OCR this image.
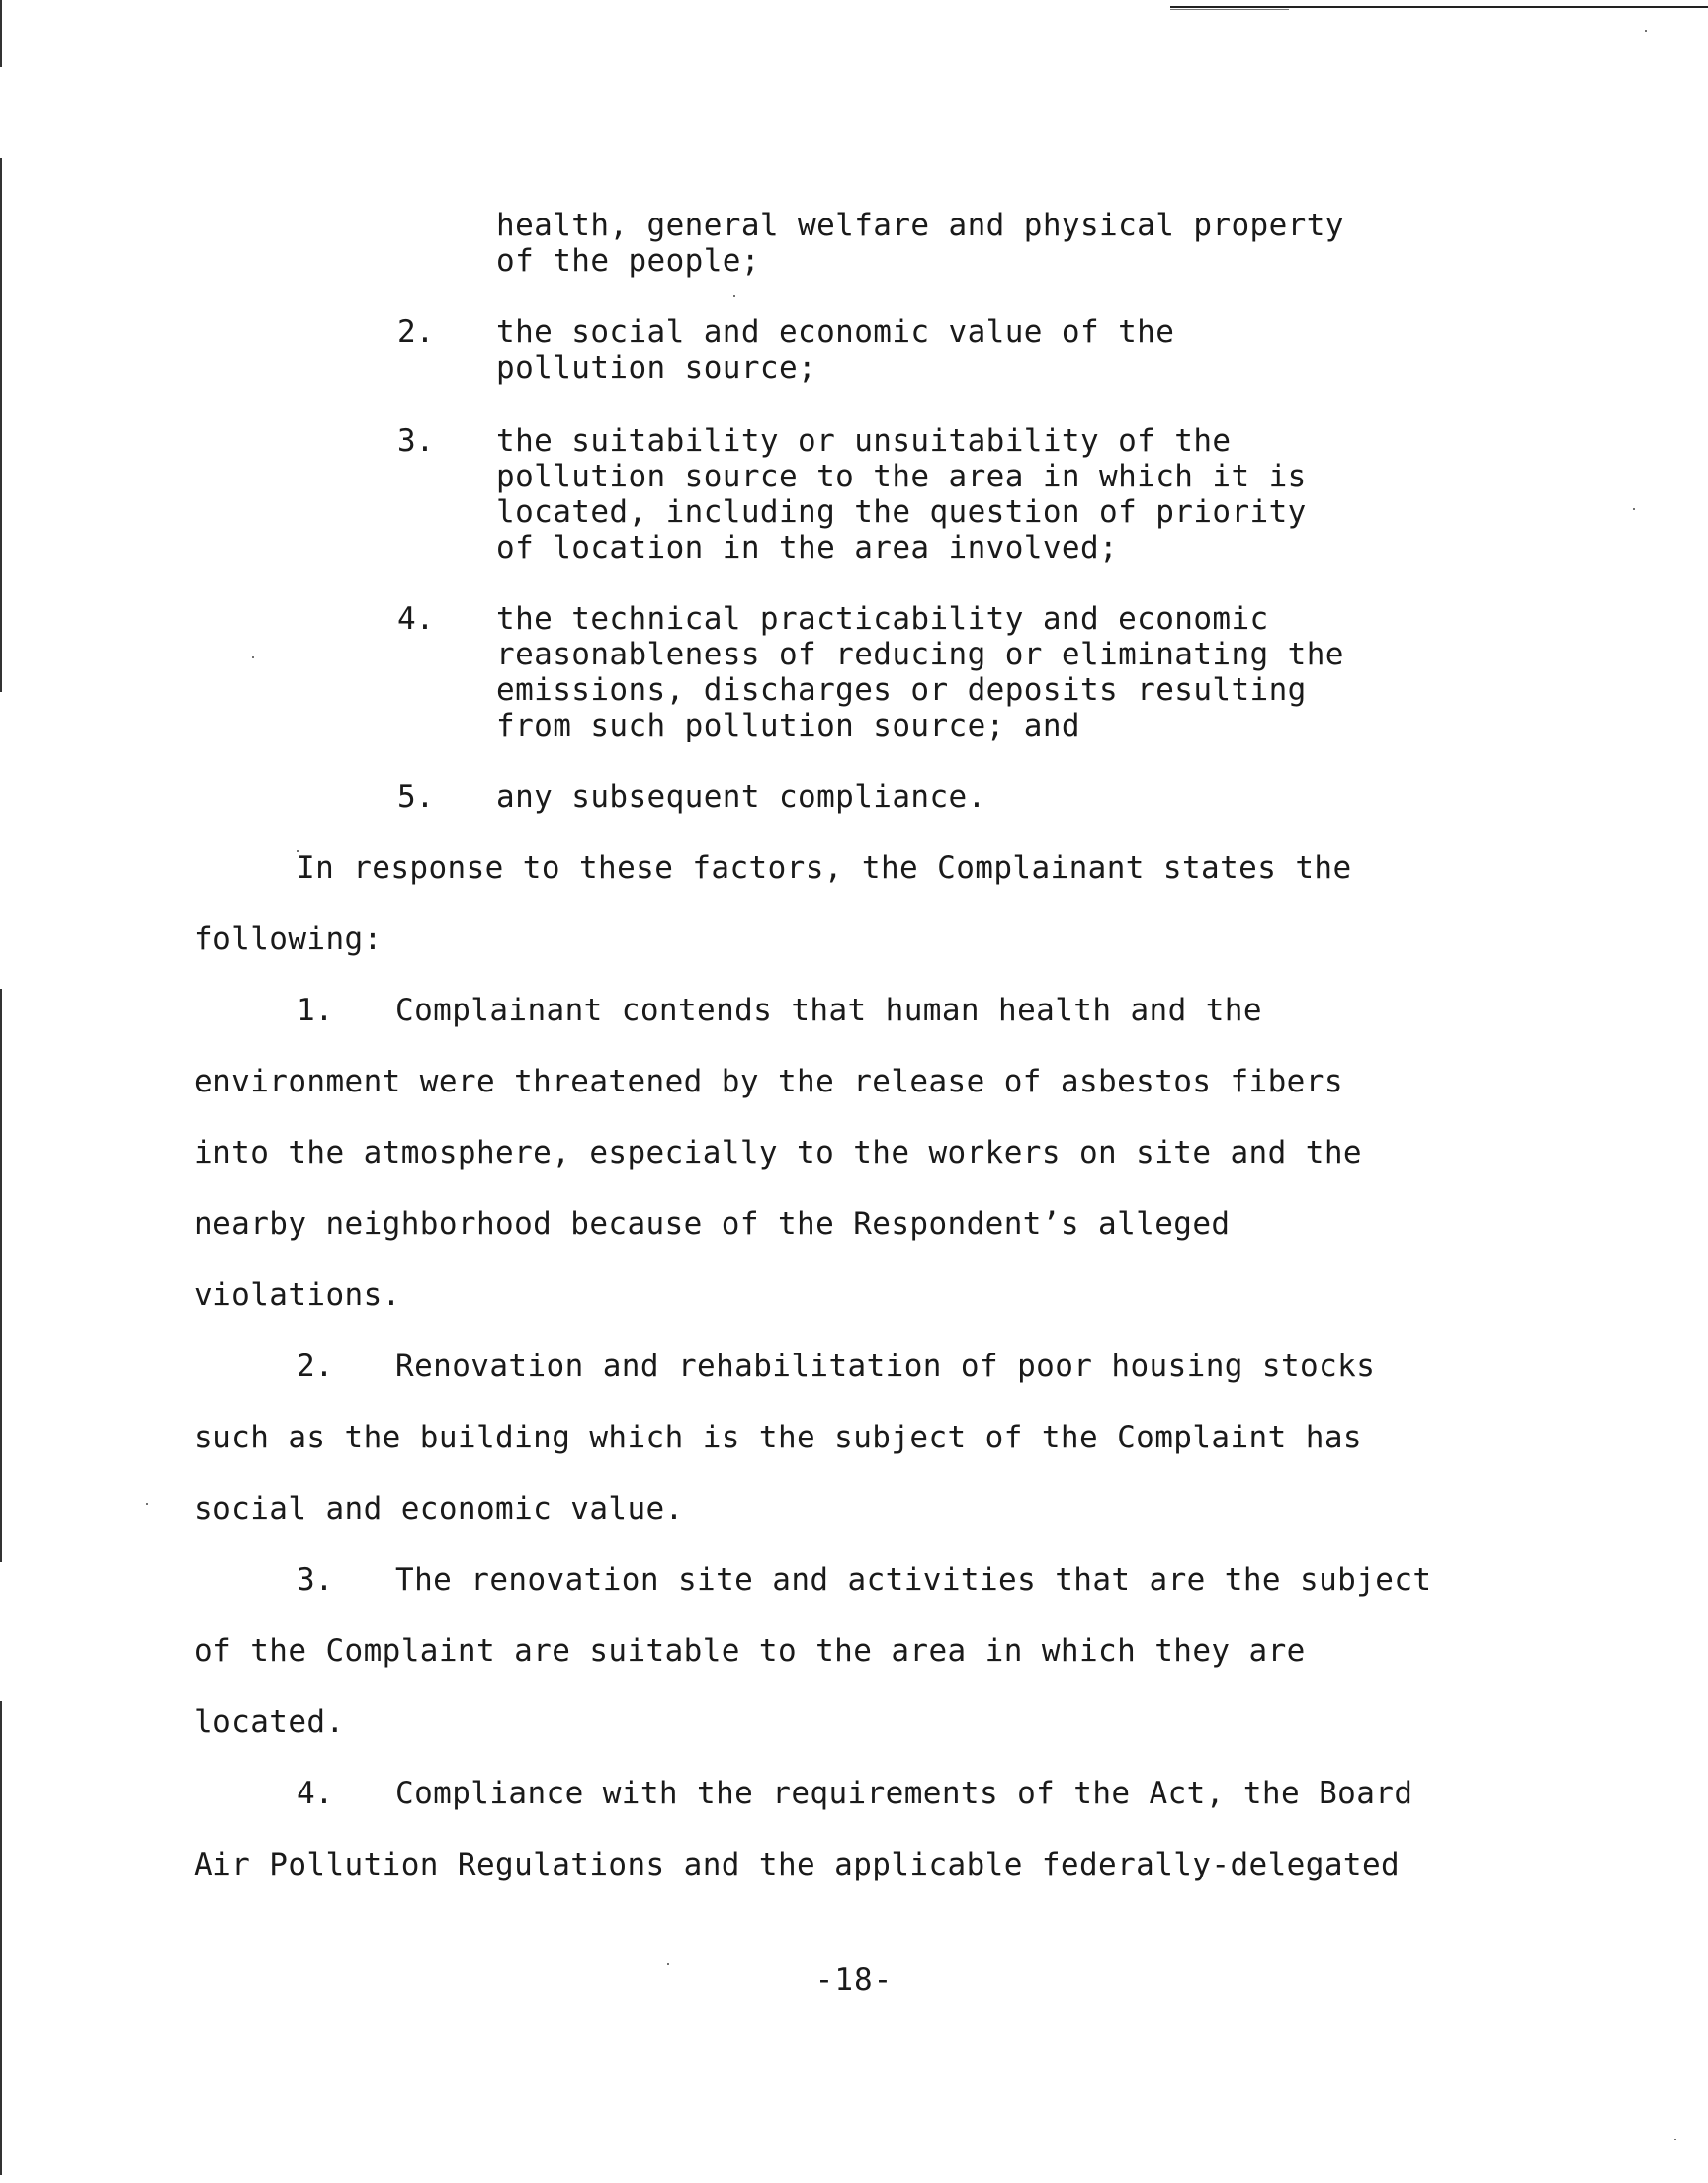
health, general welfare and physical property
of the people;
2. the social and economic value of the
pollution source;
3. the suitability or unsuitability of the
pollution source to the area in which it is
located, including the question of priority
of location in the area involved;
4. the technical practicability and economic
reasonableness of reducing or eliminating the
emissions, discharges or deposits resulting
from such pollution source; and
5. any subsequent compliance.
In response to these factors, the Complainant states the
following:
1. Complainant contends that human health and the
environment were threatened by the release of asbestos fibers
into the atmosphere, especially to the workers on site and the
nearby neighborhood because of the Respondent’s alleged
violations.
2. Renovation and rehabilitation of poor housing stocks
such as the building which is the subject of the Complaint has
social and economic value.
3. The renovation site and activities that are the subject
of the Complaint are suitable to the area in which they are
located.
4. Compliance with the requirements of the Act, the Board
Air Pollution Regulations and the applicable federally-delegated
-18-
